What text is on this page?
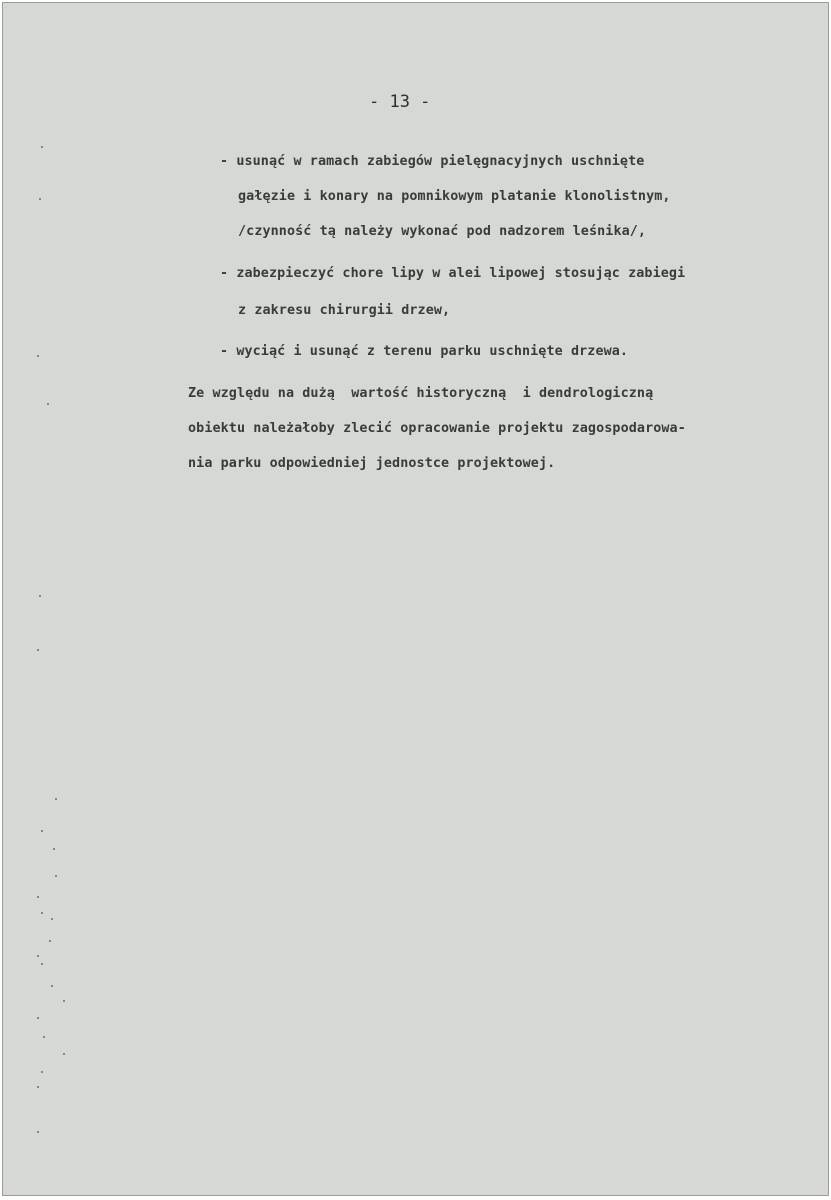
- 13 -
- usunąć w ramach zabiegów pielęgnacyjnych uschnięte
gałęzie i konary na pomnikowym platanie klonolistnym,
/czynność tą należy wykonać pod nadzorem leśnika/,
- zabezpieczyć chore lipy w alei lipowej stosując zabiegi
z zakresu chirurgii drzew,
- wyciąć i usunąć z terenu parku uschnięte drzewa.
Ze względu na dużą  wartość historyczną  i dendrologiczną
obiektu należałoby zlecić opracowanie projektu zagospodarowa-
nia parku odpowiedniej jednostce projektowej.
